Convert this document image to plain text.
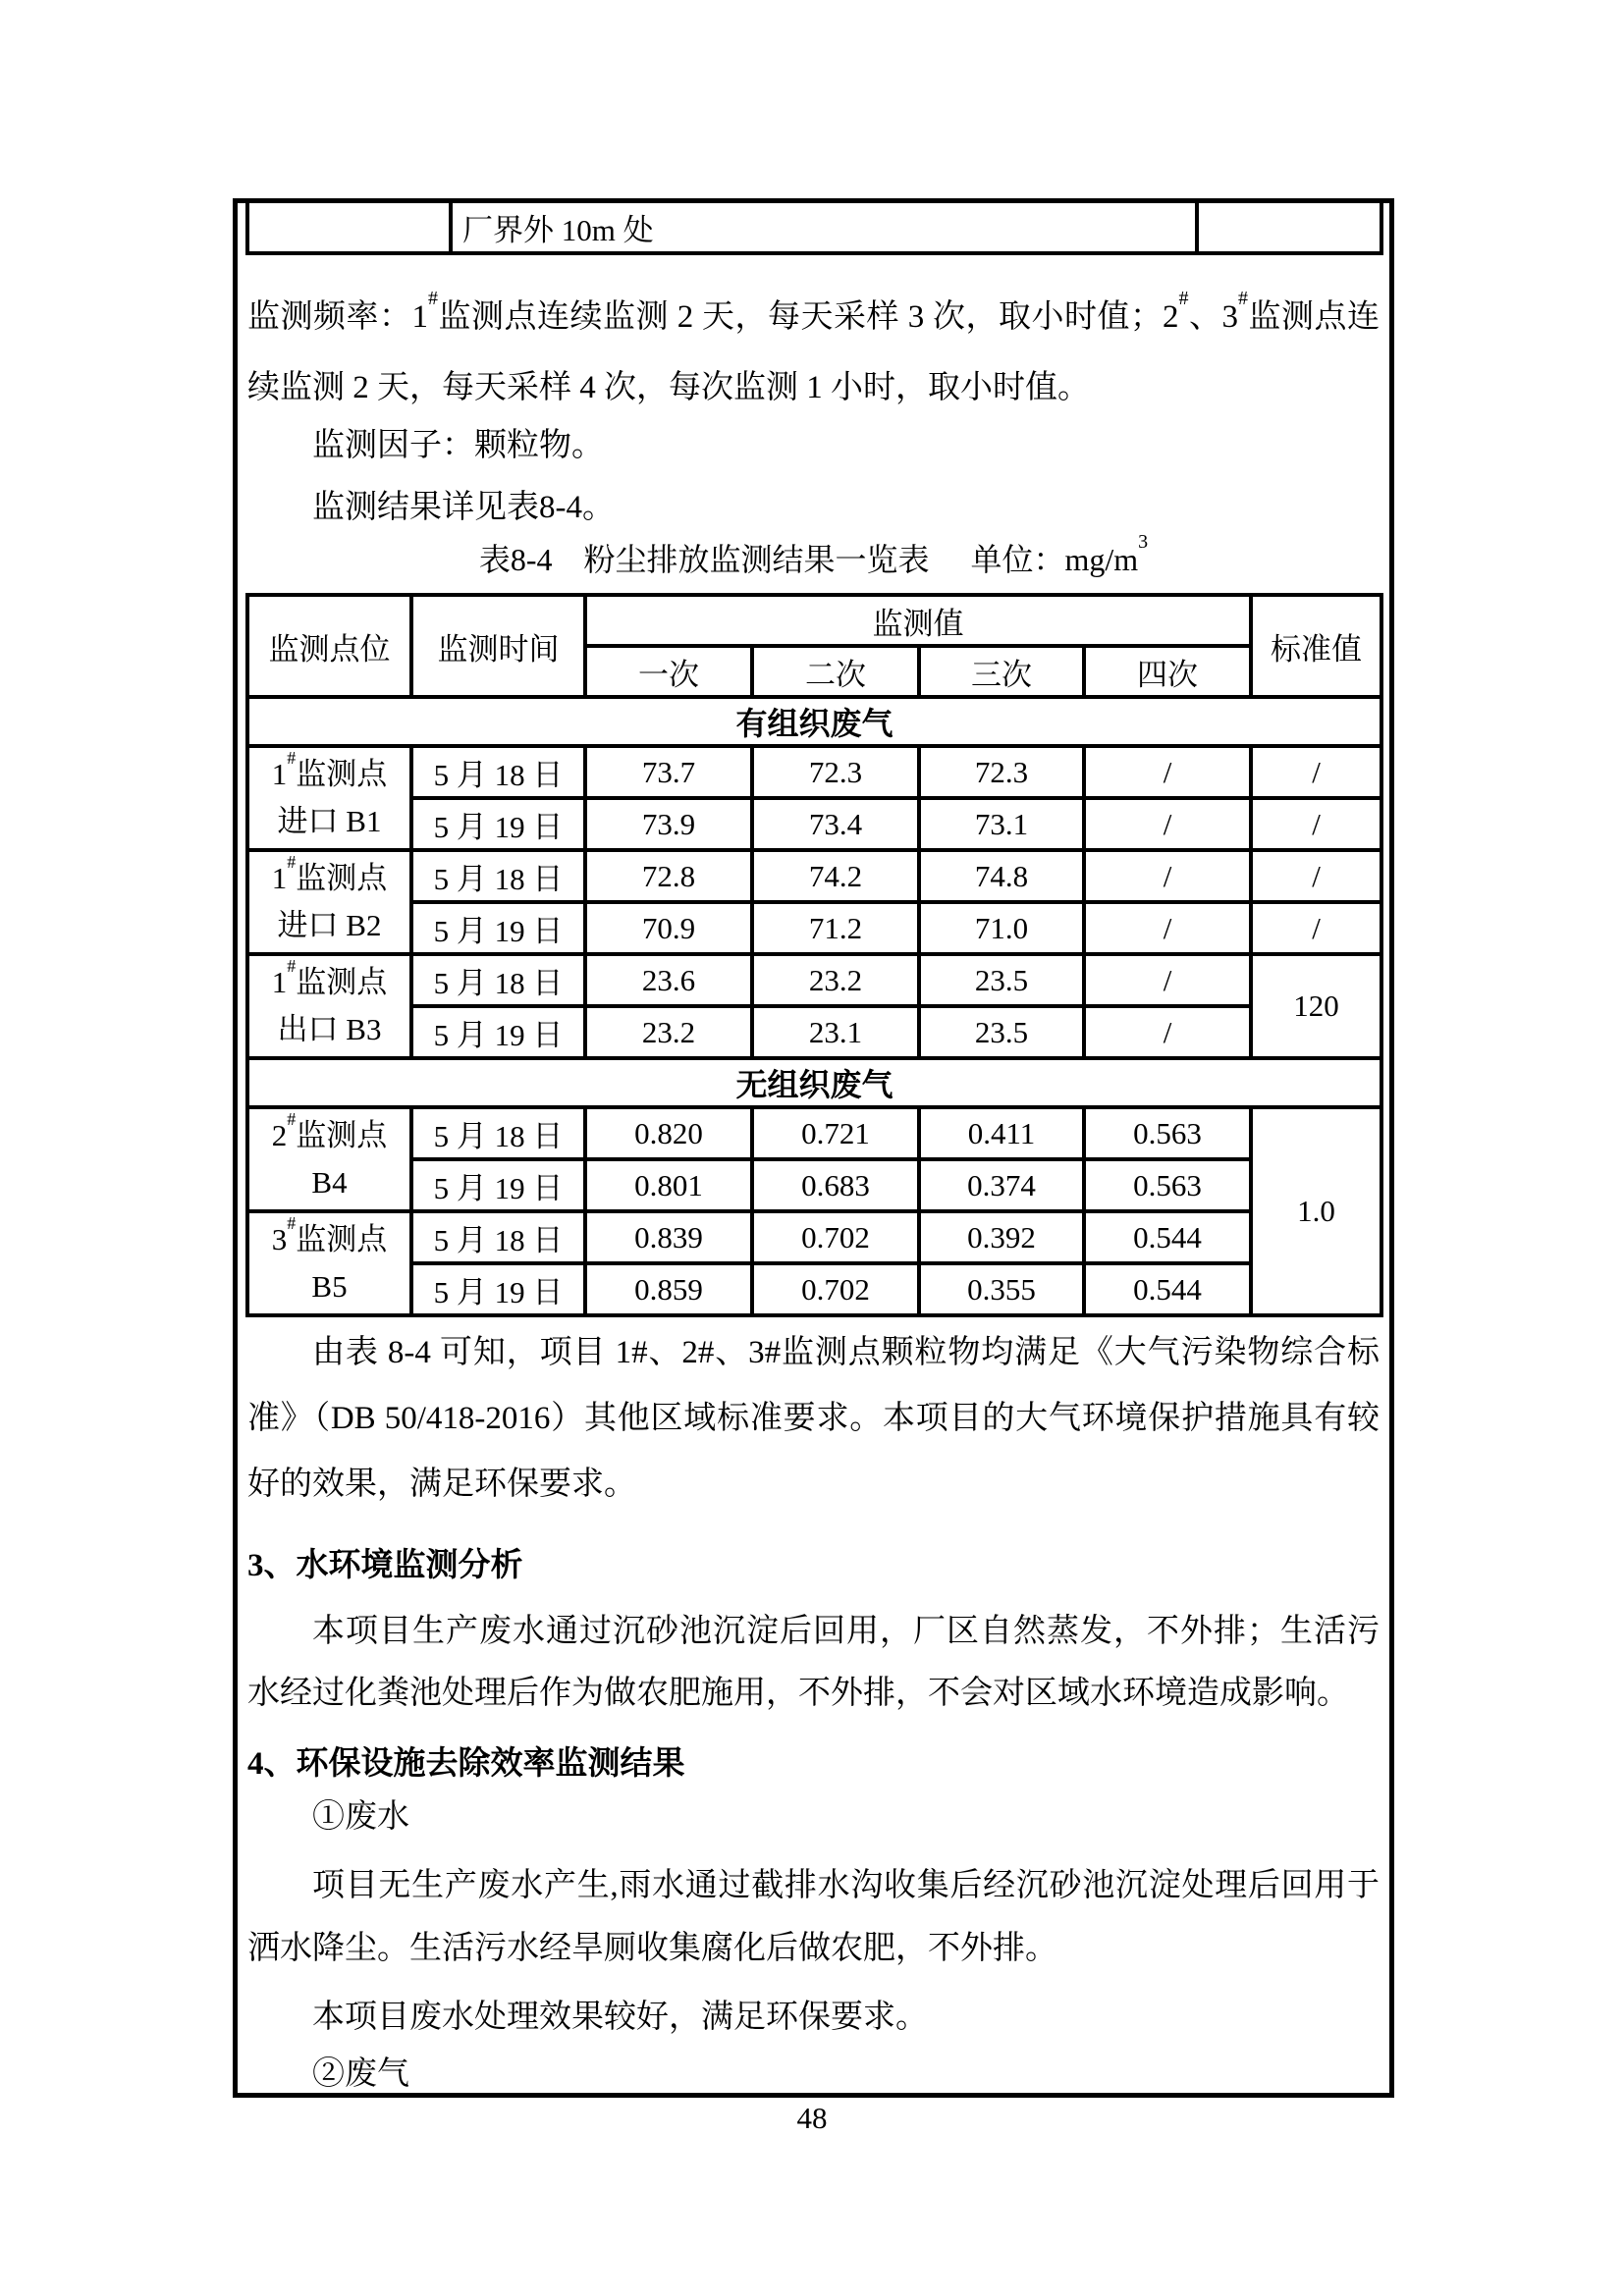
	厂界外 10m 处	
监测频率：1#监测点连续监测 2 天，每天采样 3 次，取小时值；2#、3#监测点连续监测 2 天，每天采样 4 次，每次监测 1 小时，取小时值。
监测因子：颗粒物。
监测结果详见表8-4。
表8-4　粉尘排放监测结果一览表 单位：$mg/m^3$
监测点位	监测时间	监测值				标准值
		一次	二次	三次	四次	
有组织废气						

1#监测点
进口 B1	5 月 18 日	73.7	72.3	72.3	/	/
	5 月 19 日	73.9	73.4	73.1	/	/

1#监测点
进口 B2	5 月 18 日	72.8	74.2	74.8	/	/
	5 月 19 日	70.9	71.2	71.0	/	/

1#监测点
出口 B3	5 月 18 日	23.6	23.2	23.5	/	120
	5 月 19 日	23.2	23.1	23.5	/	
无组织废气						

2#监测点
B4	5 月 18 日	0.820	0.721	0.411	0.563	1.0
	5 月 19 日	0.801	0.683	0.374	0.563	

3#监测点
B5	5 月 18 日	0.839	0.702	0.392	0.544	
	5 月 19 日	0.859	0.702	0.355	0.544	
由表 8-4 可知，项目 1#、2#、3#监测点颗粒物均满足《大气污染物综合标准》（DB 50/418-2016）其他区域标准要求。本项目的大气环境保护措施具有较好的效果，满足环保要求。
3、水环境监测分析
本项目生产废水通过沉砂池沉淀后回用，厂区自然蒸发，不外排；生活污水经过化粪池处理后作为做农肥施用，不外排，不会对区域水环境造成影响。
4、环保设施去除效率监测结果
①废水
项目无生产废水产生,雨水通过截排水沟收集后经沉砂池沉淀处理后回用于洒水降尘。生活污水经旱厕收集腐化后做农肥，不外排。
本项目废水处理效果较好，满足环保要求。
②废气
48
